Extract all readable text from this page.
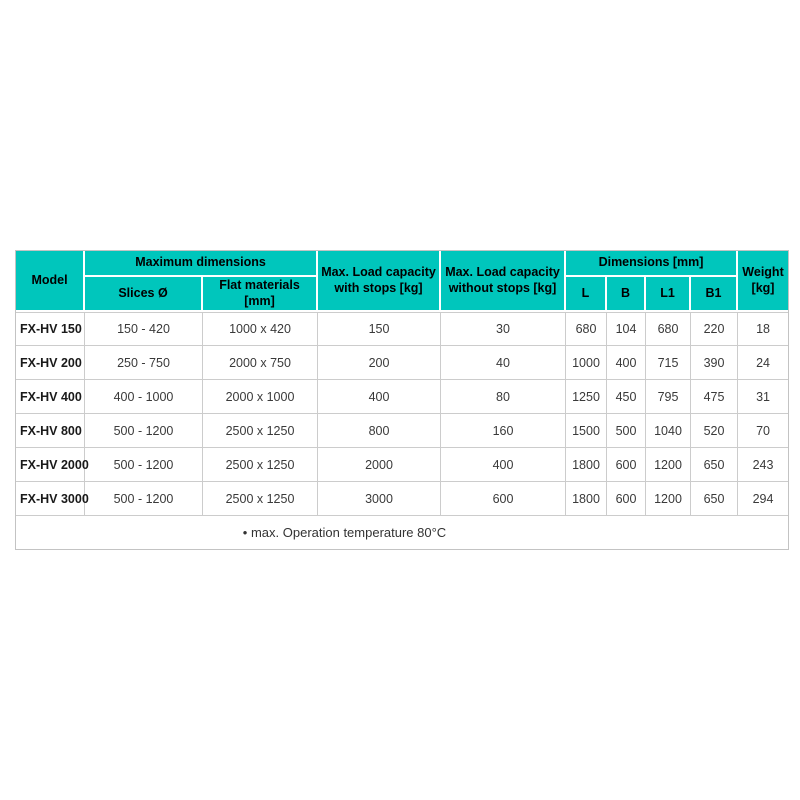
Model	Maximum dimensions		Max. Load capacity with stops [kg]	Max. Load capacity without stops [kg]	Dimensions [mm]				Weight [kg]
	Slices Ø	Flat materials [mm]			L	B	L1	B1	
FX-HV 150	150 - 420	1000 x 420	150	30	680	104	680	220	18
FX-HV 200	250 - 750	2000 x 750	200	40	1000	400	715	390	24
FX-HV 400	400 - 1000	2000 x 1000	400	80	1250	450	795	475	31
FX-HV 800	500 - 1200	2500 x 1250	800	160	1500	500	1040	520	70
FX-HV 2000	500 - 1200	2500 x 1250	2000	400	1800	600	1200	650	243
FX-HV 3000	500 - 1200	2500 x 1250	3000	600	1800	600	1200	650	294
• max. Operation temperature 80°C									
